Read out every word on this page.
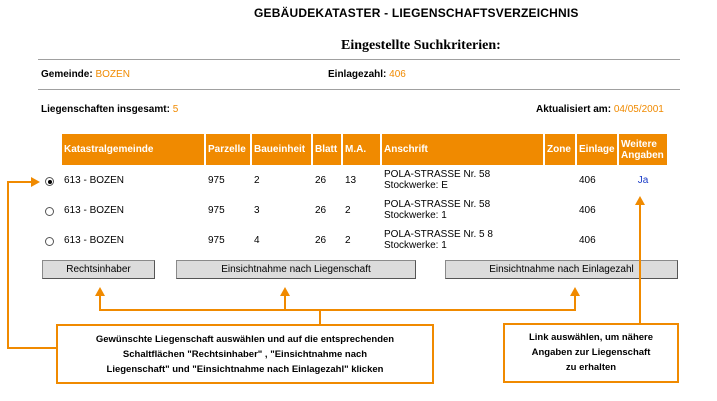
GEBÄUDEKATASTER - LIEGENSCHAFTSVERZEICHNIS
Eingestellte Suchkriterien:
Gemeinde: BOZEN	Einlagezahl: 406
Liegenschaften insgesamt: 5	Aktualisiert am: 04/05/2001
Katastralgemeinde	Parzelle	Baueinheit	Blatt	M.A.	Anschrift	Zone	Einlage	Weitere Angaben
613 - BOZEN	975	2	26	13	POLA-STRASSE Nr. 58
Stockwerke: E		406	Ja
613 - BOZEN	975	3	26	2	POLA-STRASSE Nr. 58
Stockwerke: 1		406	
613 - BOZEN	975	4	26	2	POLA-STRASSE Nr. 5 8
Stockwerke: 1		406	
Rechtsinhaber	Einsichtnahme nach Liegenschaft	Einsichtnahme nach Einlagezahl
Gewünschte Liegenschaft auswählen und auf die entsprechenden
Schaltflächen "Rechtsinhaber" , "Einsichtnahme nach
Liegenschaft" und "Einsichtnahme nach Einlagezahl" klicken
Link auswählen, um nähere
Angaben zur Liegenschaft
zu erhalten
